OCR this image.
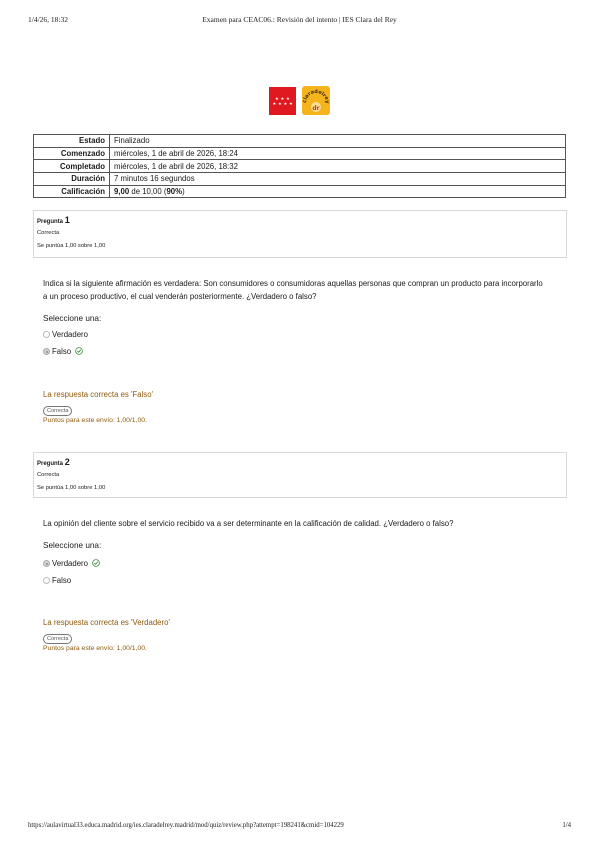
1/4/26, 18:32	Examen para CEAC06.: Revisión del intento | IES Clara del Rey
★ ★ ★
★ ★ ★ ★ claradelrey
dr
Estado	Finalizado
Comenzado	miércoles, 1 de abril de 2026, 18:24
Completado	miércoles, 1 de abril de 2026, 18:32
Duración	7 minutos 16 segundos
Calificación	9,00 de 10,00 (90%)
Pregunta 1
Correcta
Se puntúa 1,00 sobre 1,00
Indica si la siguiente afirmación es verdadera: Son consumidores o consumidoras aquellas personas que compran un producto para incorporarlo a un proceso productivo, el cual venderán posteriormente. ¿Verdadero o falso?
Seleccione una:
Verdadero
Falso
La respuesta correcta es 'Falso'
Correcta
Puntos para este envío: 1,00/1,00.
Pregunta 2
Correcta
Se puntúa 1,00 sobre 1,00
La opinión del cliente sobre el servicio recibido va a ser determinante en la calificación de calidad. ¿Verdadero o falso?
Seleccione una:
Verdadero
Falso
La respuesta correcta es 'Verdadero'
Correcta
Puntos para este envío: 1,00/1,00.
https://aulavirtual33.educa.madrid.org/ies.claradelrey.madrid/mod/quiz/review.php?attempt=198241&cmid=104229	1/4
